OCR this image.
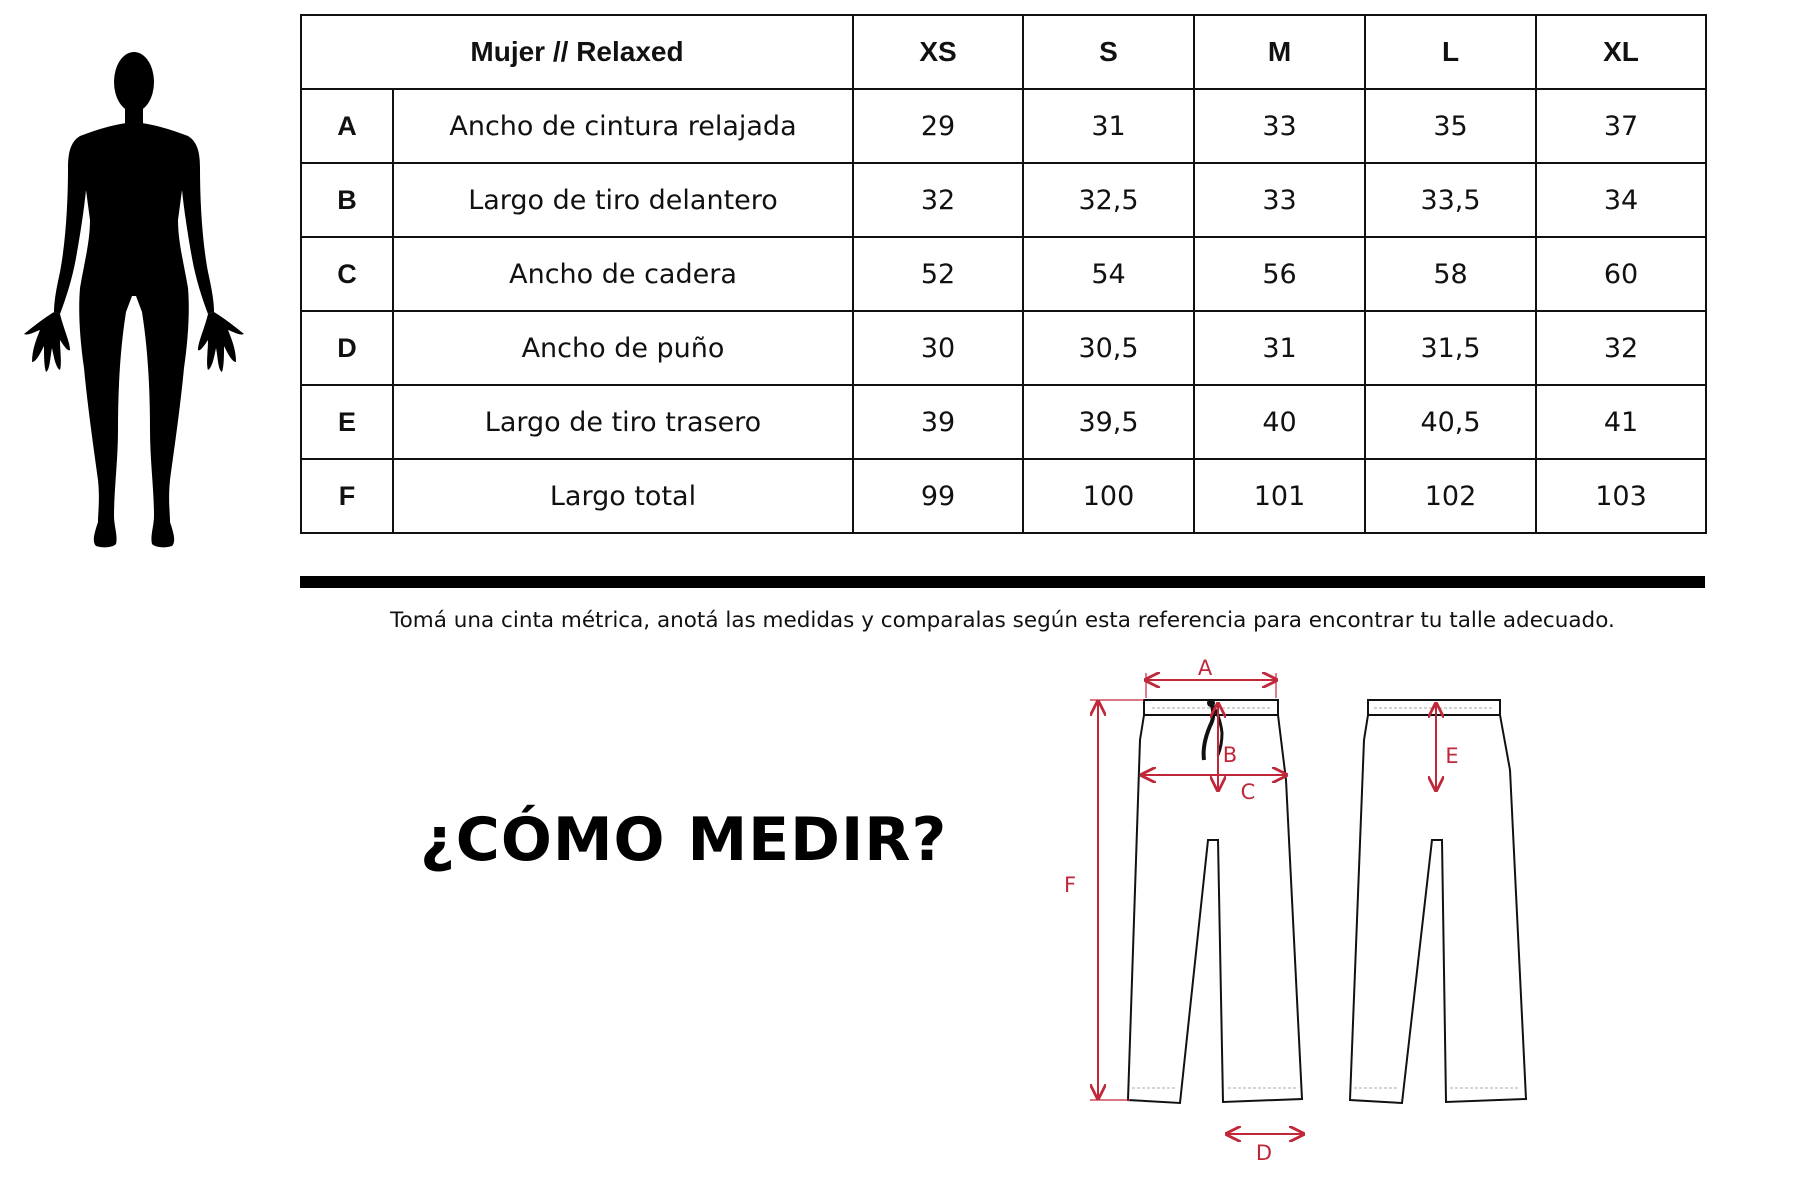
Mujer // Relaxed		XS	S	M	L	XL
A	Ancho de cintura relajada	29	31	33	35	37
B	Largo de tiro delantero	32	32,5	33	33,5	34
C	Ancho de cadera	52	54	56	58	60
D	Ancho de puño	30	30,5	31	31,5	32
E	Largo de tiro trasero	39	39,5	40	40,5	41
F	Largo total	99	100	101	102	103
Tomá una cinta métrica, anotá las medidas y comparalas según esta referencia para encontrar tu talle adecuado.
¿CÓMO MEDIR?
A
B
C
D
E
F
